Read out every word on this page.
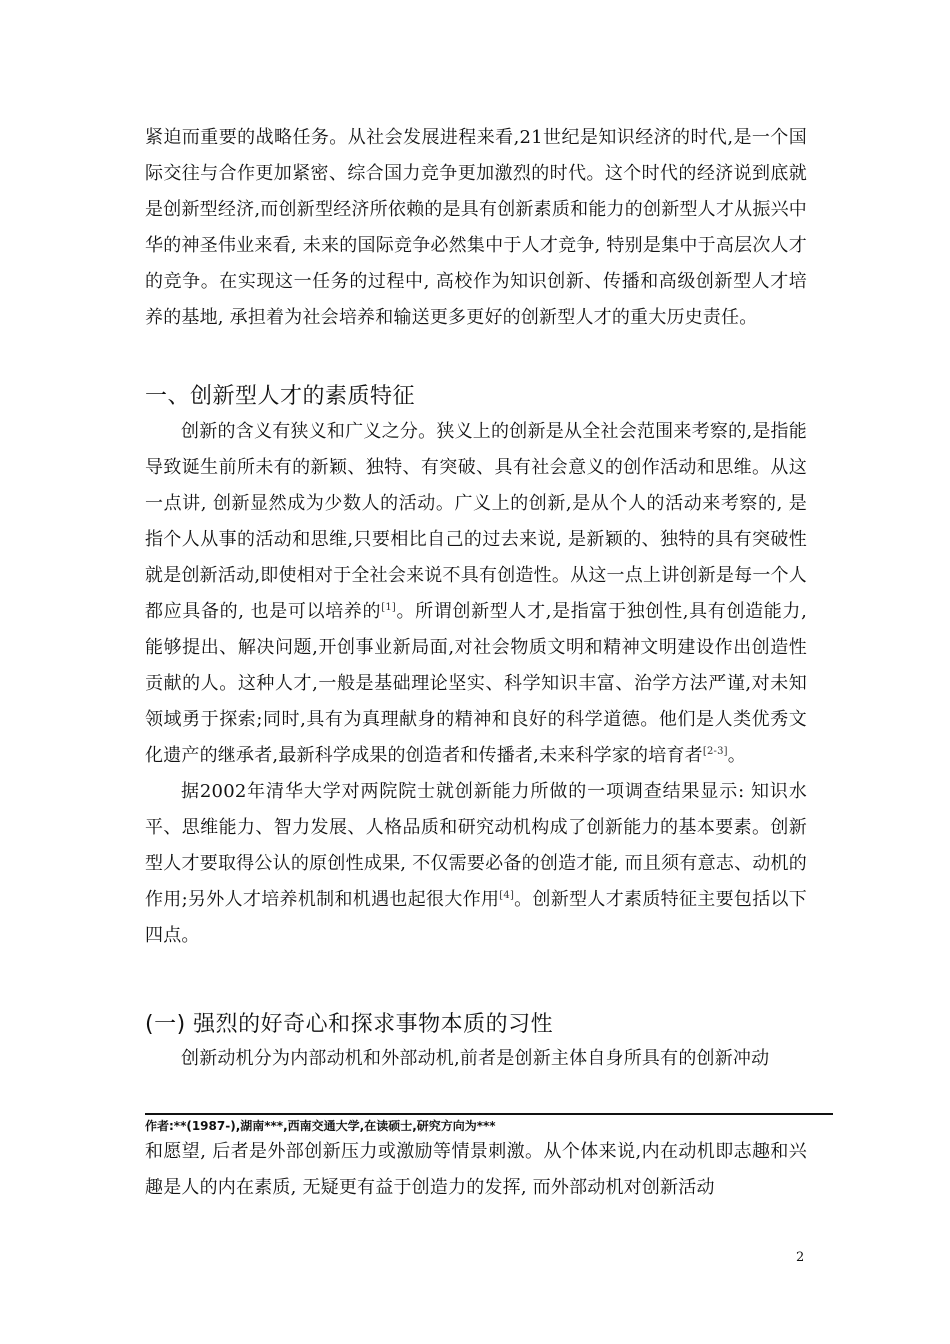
紧迫而重要的战略任务。从社会发展进程来看,21世纪是知识经济的时代,是一个国际交往与合作更加紧密、综合国力竞争更加激烈的时代。这个时代的经济说到底就是创新型经济,而创新型经济所依赖的是具有创新素质和能力的创新型人才从振兴中华的神圣伟业来看, 未来的国际竞争必然集中于人才竞争, 特别是集中于高层次人才的竞争。在实现这一任务的过程中, 高校作为知识创新、传播和高级创新型人才培养的基地, 承担着为社会培养和输送更多更好的创新型人才的重大历史责任。

一、创新型人才的素质特征

创新的含义有狭义和广义之分。狭义上的创新是从全社会范围来考察的,是指能导致诞生前所未有的新颖、独特、有突破、具有社会意义的创作活动和思维。从这一点讲, 创新显然成为少数人的活动。广义上的创新,是从个人的活动来考察的, 是指个人从事的活动和思维,只要相比自己的过去来说, 是新颖的、独特的具有突破性就是创新活动,即使相对于全社会来说不具有创造性。从这一点上讲创新是每一个人都应具备的, 也是可以培养的[1]。所谓创新型人才,是指富于独创性,具有创造能力,能够提出、解决问题,开创事业新局面,对社会物质文明和精神文明建设作出创造性贡献的人。这种人才,一般是基础理论坚实、科学知识丰富、治学方法严谨,对未知领域勇于探索;同时,具有为真理献身的精神和良好的科学道德。他们是人类优秀文化遗产的继承者,最新科学成果的创造者和传播者,未来科学家的培育者[2-3]。

据2002年清华大学对两院院士就创新能力所做的一项调查结果显示: 知识水平、思维能力、智力发展、人格品质和研究动机构成了创新能力的基本要素。创新型人才要取得公认的原创性成果, 不仅需要必备的创造才能, 而且须有意志、动机的作用;另外人才培养机制和机遇也起很大作用[4]。创新型人才素质特征主要包括以下四点。

(一) 强烈的好奇心和探求事物本质的习性

创新动机分为内部动机和外部动机,前者是创新主体自身所具有的创新冲动

作者:**(1987-),湖南***,西南交通大学,在读硕士,研究方向为***

和愿望, 后者是外部创新压力或激励等情景刺激。从个体来说,内在动机即志趣和兴趣是人的内在素质, 无疑更有益于创造力的发挥, 而外部动机对创新活动

2
